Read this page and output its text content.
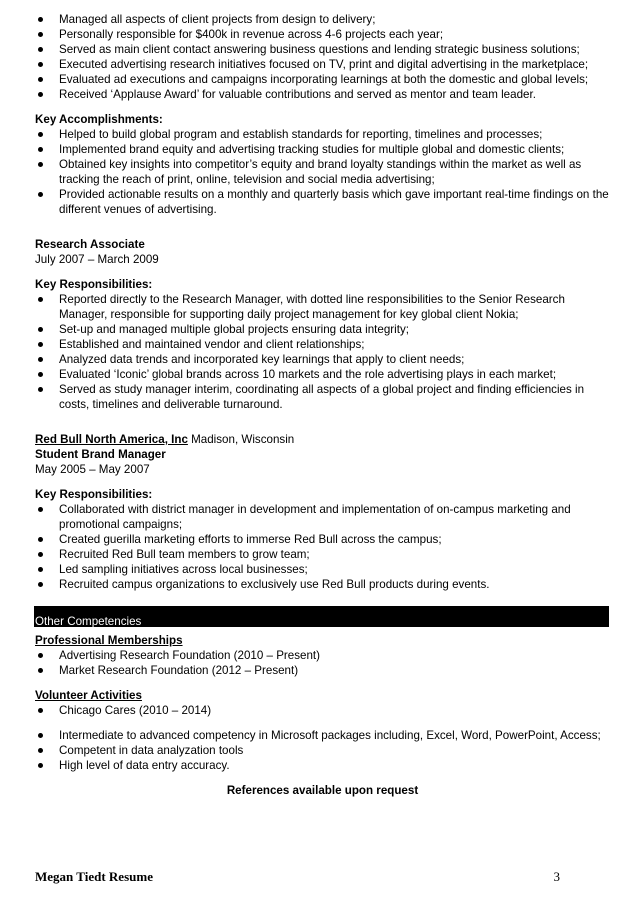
Managed all aspects of client projects from design to delivery;
Personally responsible for $400k in revenue across 4-6 projects each year;
Served as main client contact answering business questions and lending strategic business solutions;
Executed advertising research initiatives focused on TV, print and digital advertising in the marketplace;
Evaluated ad executions and campaigns incorporating learnings at both the domestic and global levels;
Received ‘Applause Award’ for valuable contributions and served as mentor and team leader.
Key Accomplishments:
Helped to build global program and establish standards for reporting, timelines and processes;
Implemented brand equity and advertising tracking studies for multiple global and domestic clients;
Obtained key insights into competitor’s equity and brand loyalty standings within the market as well as tracking the reach of print, online, television and social media advertising;
Provided actionable results on a monthly and quarterly basis which gave important real-time findings on the different venues of advertising.
Research Associate
July 2007 – March 2009
Key Responsibilities:
Reported directly to the Research Manager, with dotted line responsibilities to the Senior Research Manager, responsible for supporting daily project management for key global client Nokia;
Set-up and managed multiple global projects ensuring data integrity;
Established and maintained vendor and client relationships;
Analyzed data trends and incorporated key learnings that apply to client needs;
Evaluated ‘Iconic’ global brands across 10 markets and the role advertising plays in each market;
Served as study manager interim, coordinating all aspects of a global project and finding efficiencies in costs, timelines and deliverable turnaround.
Red Bull North America, Inc Madison, Wisconsin
Student Brand Manager
May 2005 – May 2007
Key Responsibilities:
Collaborated with district manager in development and implementation of on-campus marketing and promotional campaigns;
Created guerilla marketing efforts to immerse Red Bull across the campus;
Recruited Red Bull team members to grow team;
Led sampling initiatives across local businesses;
Recruited campus organizations to exclusively use Red Bull products during events.
Other Competencies
Professional Memberships
Advertising Research Foundation (2010 – Present)
Market Research Foundation (2012 – Present)
Volunteer Activities
Chicago Cares (2010 – 2014)
Intermediate to advanced competency in Microsoft packages including, Excel, Word, PowerPoint, Access;
Competent in data analyzation tools
High level of data entry accuracy.
References available upon request
Megan Tiedt Resume	3
